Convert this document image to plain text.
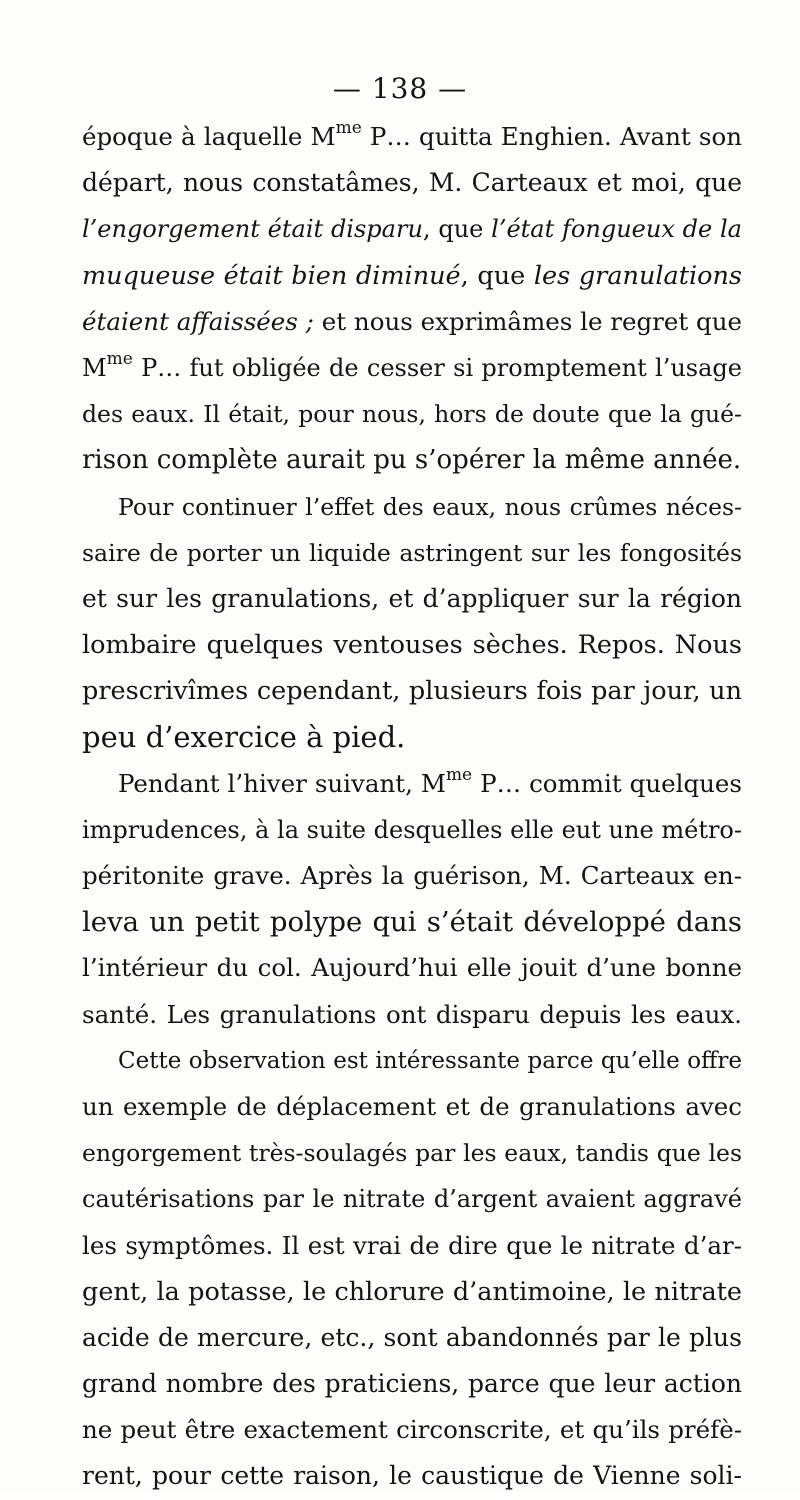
— 138 —
époque à laquelle $M^{me}$ P… quitta Enghien. Avant son
départ, nous constatâmes, M. Carteaux et moi, que
l’engorgement était disparu, que l’état fongueux de la
muqueuse était bien diminué, que les granulations
étaient affaissées ; et nous exprimâmes le regret que
$M^{me}$ P… fut obligée de cesser si promptement l’usage
des eaux. Il était, pour nous, hors de doute que la gué-
rison complète aurait pu s’opérer la même année.
Pour continuer l’effet des eaux, nous crûmes néces-
saire de porter un liquide astringent sur les fongosités
et sur les granulations, et d’appliquer sur la région
lombaire quelques ventouses sèches. Repos. Nous
prescrivîmes cependant, plusieurs fois par jour, un
peu d’exercice à pied.
Pendant l’hiver suivant, $M^{me}$ P… commit quelques
imprudences, à la suite desquelles elle eut une métro-
péritonite grave. Après la guérison, M. Carteaux en-
leva un petit polype qui s’était développé dans
l’intérieur du col. Aujourd’hui elle jouit d’une bonne
santé. Les granulations ont disparu depuis les eaux.
Cette observation est intéressante parce qu’elle offre
un exemple de déplacement et de granulations avec
engorgement très-soulagés par les eaux, tandis que les
cautérisations par le nitrate d’argent avaient aggravé
les symptômes. Il est vrai de dire que le nitrate d’ar-
gent, la potasse, le chlorure d’antimoine, le nitrate
acide de mercure, etc., sont abandonnés par le plus
grand nombre des praticiens, parce que leur action
ne peut être exactement circonscrite, et qu’ils préfè-
rent, pour cette raison, le caustique de Vienne soli-
